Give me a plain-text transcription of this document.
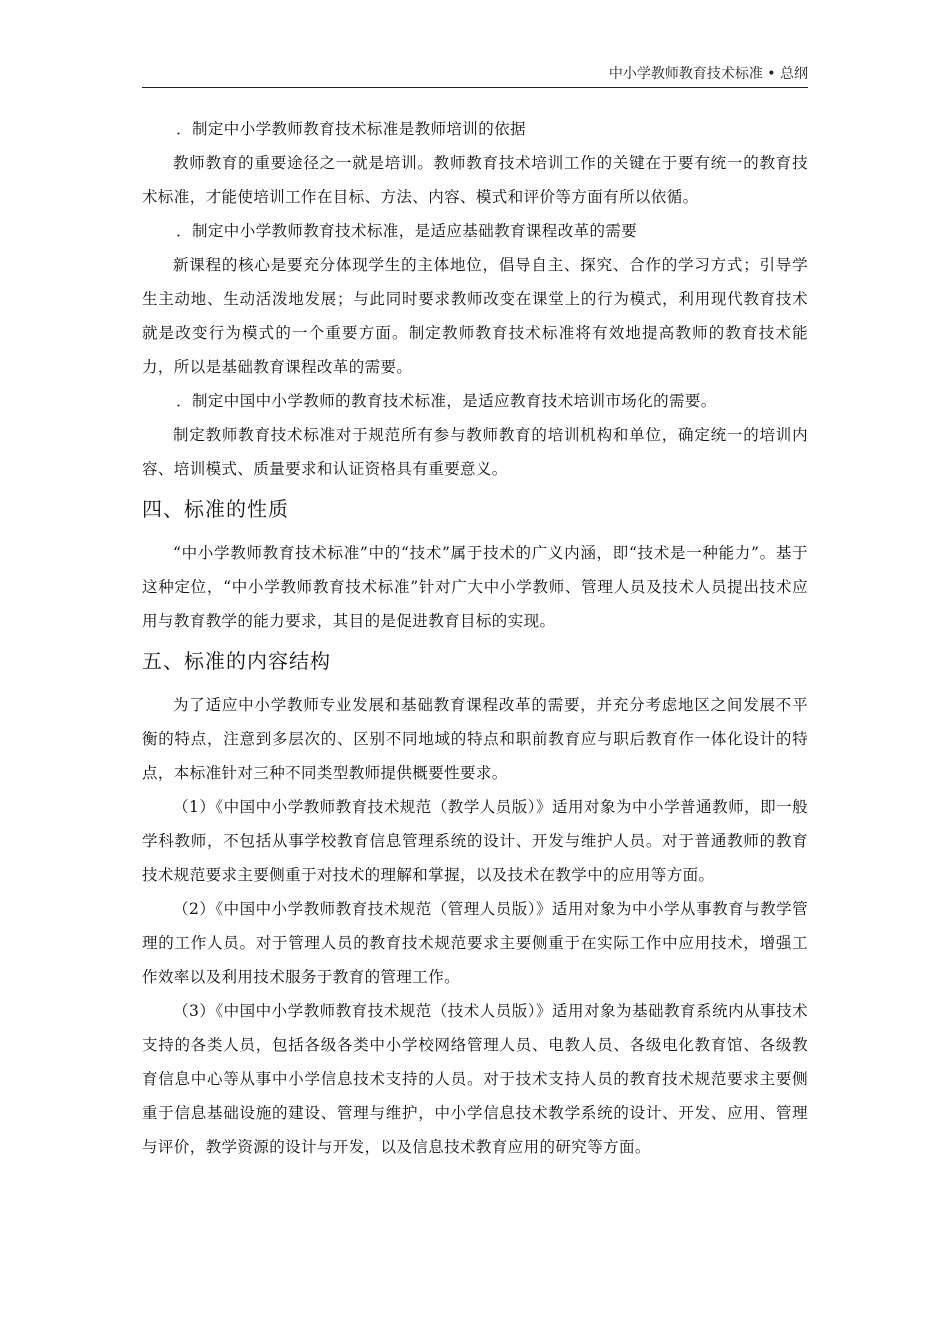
中小学教师教育技术标准 • 总纲

．制定中小学教师教育技术标准是教师培训的依据

教师教育的重要途径之一就是培训。教师教育技术培训工作的关键在于要有统一的教育技术标准，才能使培训工作在目标、方法、内容、模式和评价等方面有所以依循。

．制定中小学教师教育技术标准，是适应基础教育课程改革的需要

新课程的核心是要充分体现学生的主体地位，倡导自主、探究、合作的学习方式；引导学生主动地、生动活泼地发展；与此同时要求教师改变在课堂上的行为模式，利用现代教育技术就是改变行为模式的一个重要方面。制定教师教育技术标准将有效地提高教师的教育技术能力，所以是基础教育课程改革的需要。

．制定中国中小学教师的教育技术标准，是适应教育技术培训市场化的需要。

制定教师教育技术标准对于规范所有参与教师教育的培训机构和单位，确定统一的培训内容、培训模式、质量要求和认证资格具有重要意义。

四、标准的性质

“中小学教师教育技术标准”中的“技术”属于技术的广义内涵，即“技术是一种能力”。基于这种定位，“中小学教师教育技术标准”针对广大中小学教师、管理人员及技术人员提出技术应用与教育教学的能力要求，其目的是促进教育目标的实现。

五、标准的内容结构

为了适应中小学教师专业发展和基础教育课程改革的需要，并充分考虑地区之间发展不平衡的特点，注意到多层次的、区别不同地域的特点和职前教育应与职后教育作一体化设计的特点，本标准针对三种不同类型教师提供概要性要求。

（1）《中国中小学教师教育技术规范（教学人员版）》适用对象为中小学普通教师，即一般学科教师，不包括从事学校教育信息管理系统的设计、开发与维护人员。对于普通教师的教育技术规范要求主要侧重于对技术的理解和掌握，以及技术在教学中的应用等方面。

（2）《中国中小学教师教育技术规范（管理人员版）》适用对象为中小学从事教育与教学管理的工作人员。对于管理人员的教育技术规范要求主要侧重于在实际工作中应用技术，增强工作效率以及利用技术服务于教育的管理工作。

（3）《中国中小学教师教育技术规范（技术人员版）》适用对象为基础教育系统内从事技术支持的各类人员，包括各级各类中小学校网络管理人员、电教人员、各级电化教育馆、各级教育信息中心等从事中小学信息技术支持的人员。对于技术支持人员的教育技术规范要求主要侧重于信息基础设施的建设、管理与维护，中小学信息技术教学系统的设计、开发、应用、管理与评价，教学资源的设计与开发，以及信息技术教育应用的研究等方面。
